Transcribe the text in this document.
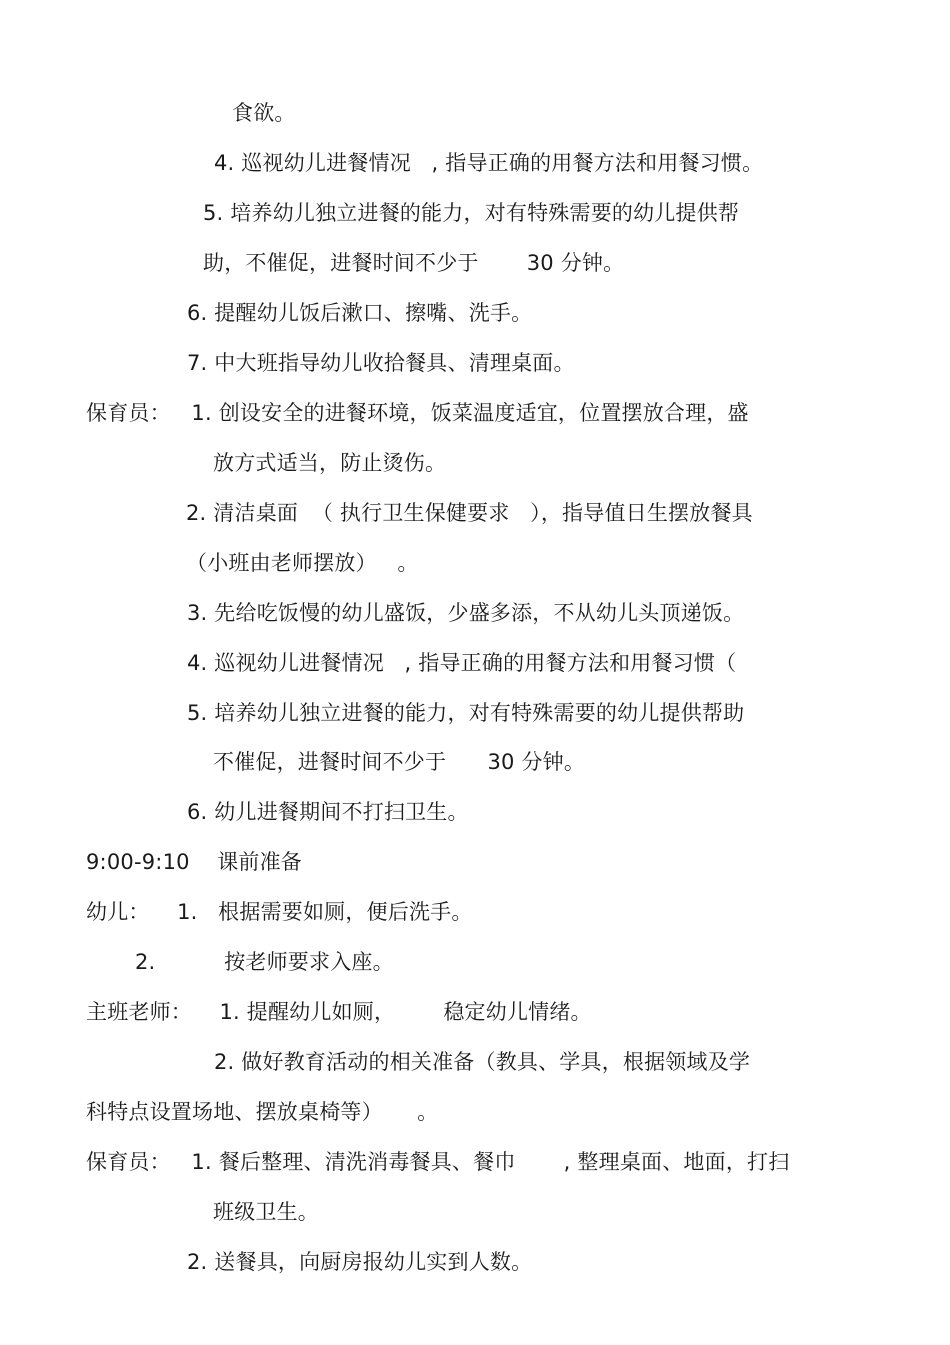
食欲。
4. 巡视幼儿进餐情况   , 指导正确的用餐方法和用餐习惯。
5. 培养幼儿独立进餐的能力，对有特殊需要的幼儿提供帮
助，不催促，进餐时间不少于       30 分钟。
6. 提醒幼儿饭后漱口、擦嘴、洗手。
7. 中大班指导幼儿收拾餐具、清理桌面。
保育员：   1. 创设安全的进餐环境，饭菜温度适宜，位置摆放合理，盛
放方式适当，防止烫伤。
2. 清洁桌面  （ 执行卫生保健要求   ），指导值日生摆放餐具
（小班由老师摆放）   。
3. 先给吃饭慢的幼儿盛饭，少盛多添，不从幼儿头顶递饭。
4. 巡视幼儿进餐情况   , 指导正确的用餐方法和用餐习惯（
5. 培养幼儿独立进餐的能力，对有特殊需要的幼儿提供帮助
不催促，进餐时间不少于      30 分钟。
6. 幼儿进餐期间不打扫卫生。
9:00-9:10    课前准备
幼儿：    1.   根据需要如厕，便后洗手。
2.          按老师要求入座。
主班老师：    1. 提醒幼儿如厕，       稳定幼儿情绪。
2. 做好教育活动的相关准备（教具、学具，根据领域及学
科特点设置场地、摆放桌椅等）     。
保育员：   1. 餐后整理、清洗消毒餐具、餐巾       , 整理桌面、地面，打扫
班级卫生。
2. 送餐具，向厨房报幼儿实到人数。
